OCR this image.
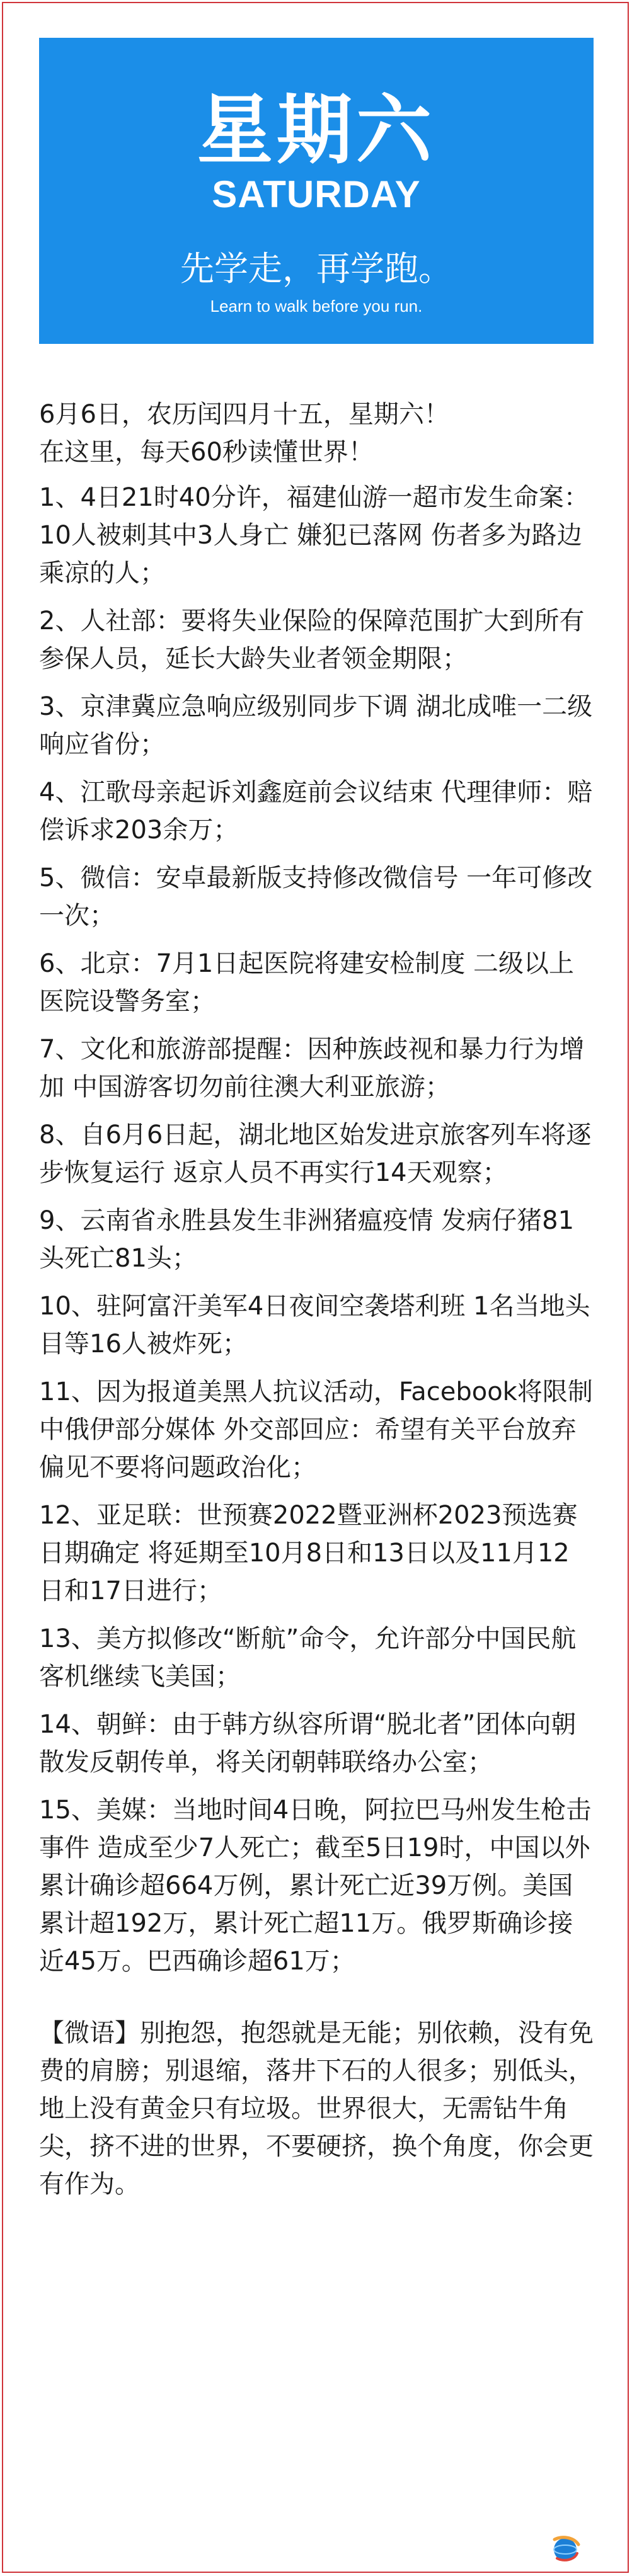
星期六
SATURDAY
先学走，再学跑。
Learn to walk before you run.

6月6日，农历闰四月十五，星期六！

在这里，每天60秒读懂世界！

1、4日21时40分许，福建仙游一超市发生命案：10人被刺其中3人身亡 嫌犯已落网 伤者多为路边乘凉的人；

2、人社部：要将失业保险的保障范围扩大到所有参保人员，延长大龄失业者领金期限；

3、京津冀应急响应级别同步下调 湖北成唯一二级响应省份；

4、江歌母亲起诉刘鑫庭前会议结束 代理律师：赔偿诉求203余万；

5、微信：安卓最新版支持修改微信号 一年可修改一次；

6、北京：7月1日起医院将建安检制度 二级以上医院设警务室；

7、文化和旅游部提醒：因种族歧视和暴力行为增加 中国游客切勿前往澳大利亚旅游；

8、自6月6日起，湖北地区始发进京旅客列车将逐步恢复运行 返京人员不再实行14天观察；

9、云南省永胜县发生非洲猪瘟疫情 发病仔猪81头死亡81头；

10、驻阿富汗美军4日夜间空袭塔利班 1名当地头目等16人被炸死；

11、因为报道美黑人抗议活动，Facebook将限制中俄伊部分媒体 外交部回应：希望有关平台放弃偏见不要将问题政治化；

12、亚足联：世预赛2022暨亚洲杯2023预选赛日期确定 将延期至10月8日和13日以及11月12日和17日进行；

13、美方拟修改“断航”命令，允许部分中国民航客机继续飞美国；

14、朝鲜：由于韩方纵容所谓“脱北者”团体向朝散发反朝传单，将关闭朝韩联络办公室；

15、美媒：当地时间4日晚，阿拉巴马州发生枪击事件 造成至少7人死亡；截至5日19时，中国以外累计确诊超664万例，累计死亡近39万例。美国累计超192万，累计死亡超11万。俄罗斯确诊接近45万。巴西确诊超61万；

【微语】别抱怨，抱怨就是无能；别依赖，没有免费的肩膀；别退缩，落井下石的人很多；别低头，地上没有黄金只有垃圾。世界很大，无需钻牛角尖，挤不进的世界，不要硬挤，换个角度，你会更有作为。
